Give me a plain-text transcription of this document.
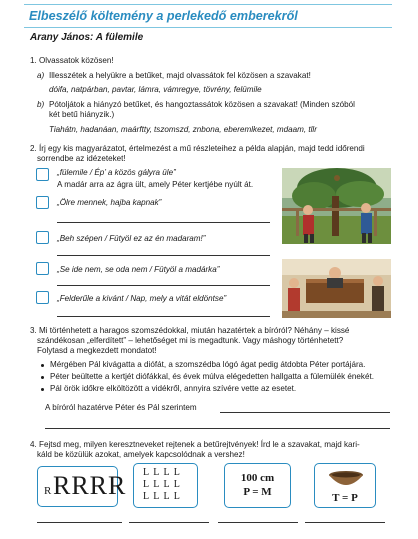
Elbeszélő költemény a perlekedő emberekről
Arany János: A fülemile
1. Olvassatok közösen!
a) Illesszétek a helyükre a betűket, majd olvassátok fel közösen a szavakat!
dóifa, natpárban, pavtar, lámra, vámregye, tövrény, felümile
b) Pótoljátok a hiányzó betűket, és hangoztassátok közösen a szavakat! (Minden szóból
két betű hiányzik.)
Tiahátn, hadanáan, maárftty, tszomszd, znbona, eberemlkezet, mdaam, tllr
2. Írj egy kis magyarázatot, értelmezést a mű részleteihez a példa alapján, majd tedd időrendi
sorrendbe az idézeteket!
„fülemile / Ép’ a közös gályra üle”
A madár arra az ágra ült, amely Péter kertjébe nyúlt át.
„Ölre mennek, hajba kapnak”
„Beh szépen / Fütyöl ez az én madaram!”
„Se ide nem, se oda nem / Fütyöl a madárka”
„Felderűle a kivánt / Nap, mely a vitát eldöntse”
3. Mi történhetett a haragos szomszédokkal, miután hazatértek a bíróról? Néhány – kissé
szándékosan „elferdített” – lehetőséget mi is megadtunk. Vagy máshogy történhetett?
Folytasd a megkezdett mondatot!
Mérgében Pál kivágatta a diófát, a szomszédba lógó ágat pedig átdobta Péter portájára.
Péter beültette a kertjét diófákkal, és évek múlva elégedetten hallgatta a fülemülék énekét.
Pál örök időkre elköltözött a vidékről, annyira szívére vette az esetet.
A bíróról hazatérve Péter és Pál szerintem
4. Fejtsd meg, milyen keresztneveket rejtenek a betűrejtvények! Írd le a szavakat, majd kari-
káld be közülük azokat, amelyek kapcsolódnak a vershez!
R RRRR L L L L
L L L L
L L L L
100 cm
P = M	T = P
